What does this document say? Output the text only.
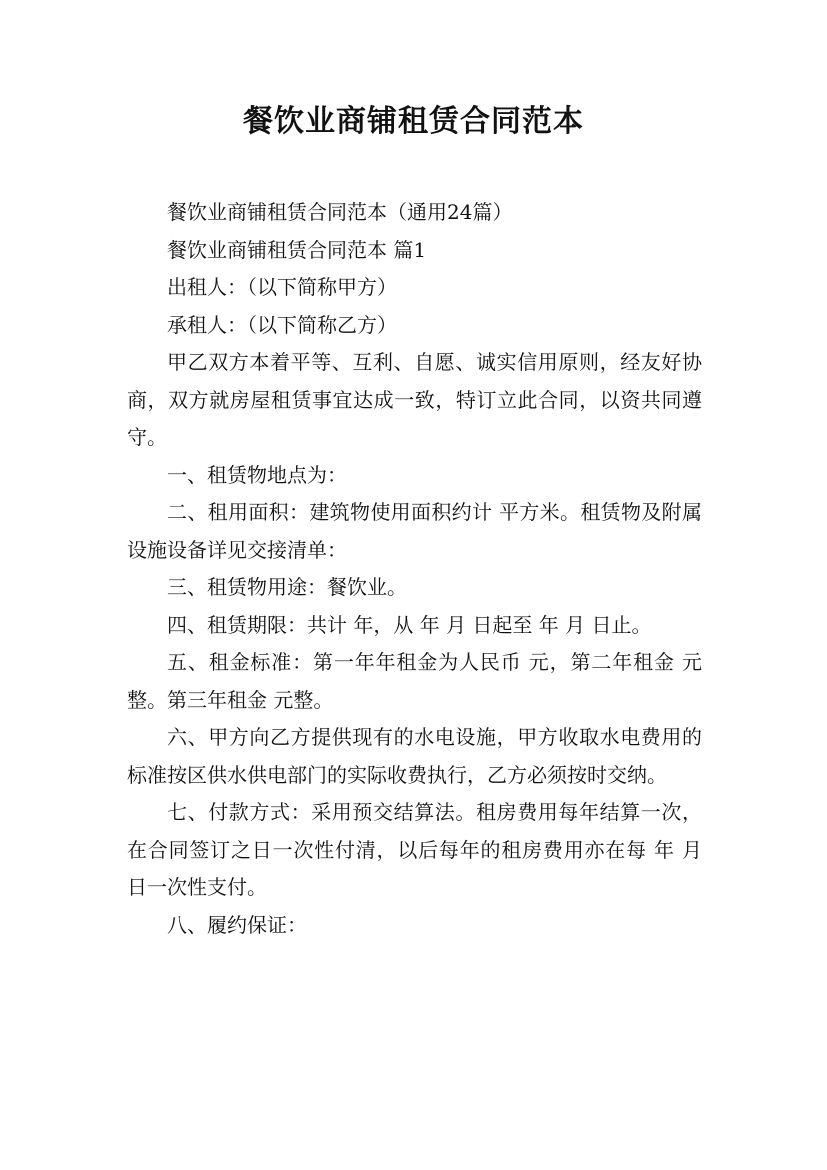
餐饮业商铺租赁合同范本

餐饮业商铺租赁合同范本（通用24篇）

餐饮业商铺租赁合同范本 篇1

出租人：（以下简称甲方）

承租人：（以下简称乙方）

甲乙双方本着平等、互利、自愿、诚实信用原则，经友好协商，双方就房屋租赁事宜达成一致，特订立此合同，以资共同遵守。

一、租赁物地点为：

二、租用面积：建筑物使用面积约计 平方米。租赁物及附属设施设备详见交接清单：

三、租赁物用途：餐饮业。

四、租赁期限：共计 年，从 年 月 日起至 年 月 日止。

五、租金标准：第一年年租金为人民币 元，第二年租金 元整。第三年租金 元整。

六、甲方向乙方提供现有的水电设施，甲方收取水电费用的标准按区供水供电部门的实际收费执行，乙方必须按时交纳。

七、付款方式：采用预交结算法。租房费用每年结算一次，在合同签订之日一次性付清，以后每年的租房费用亦在每 年 月 日一次性支付。

八、履约保证：
